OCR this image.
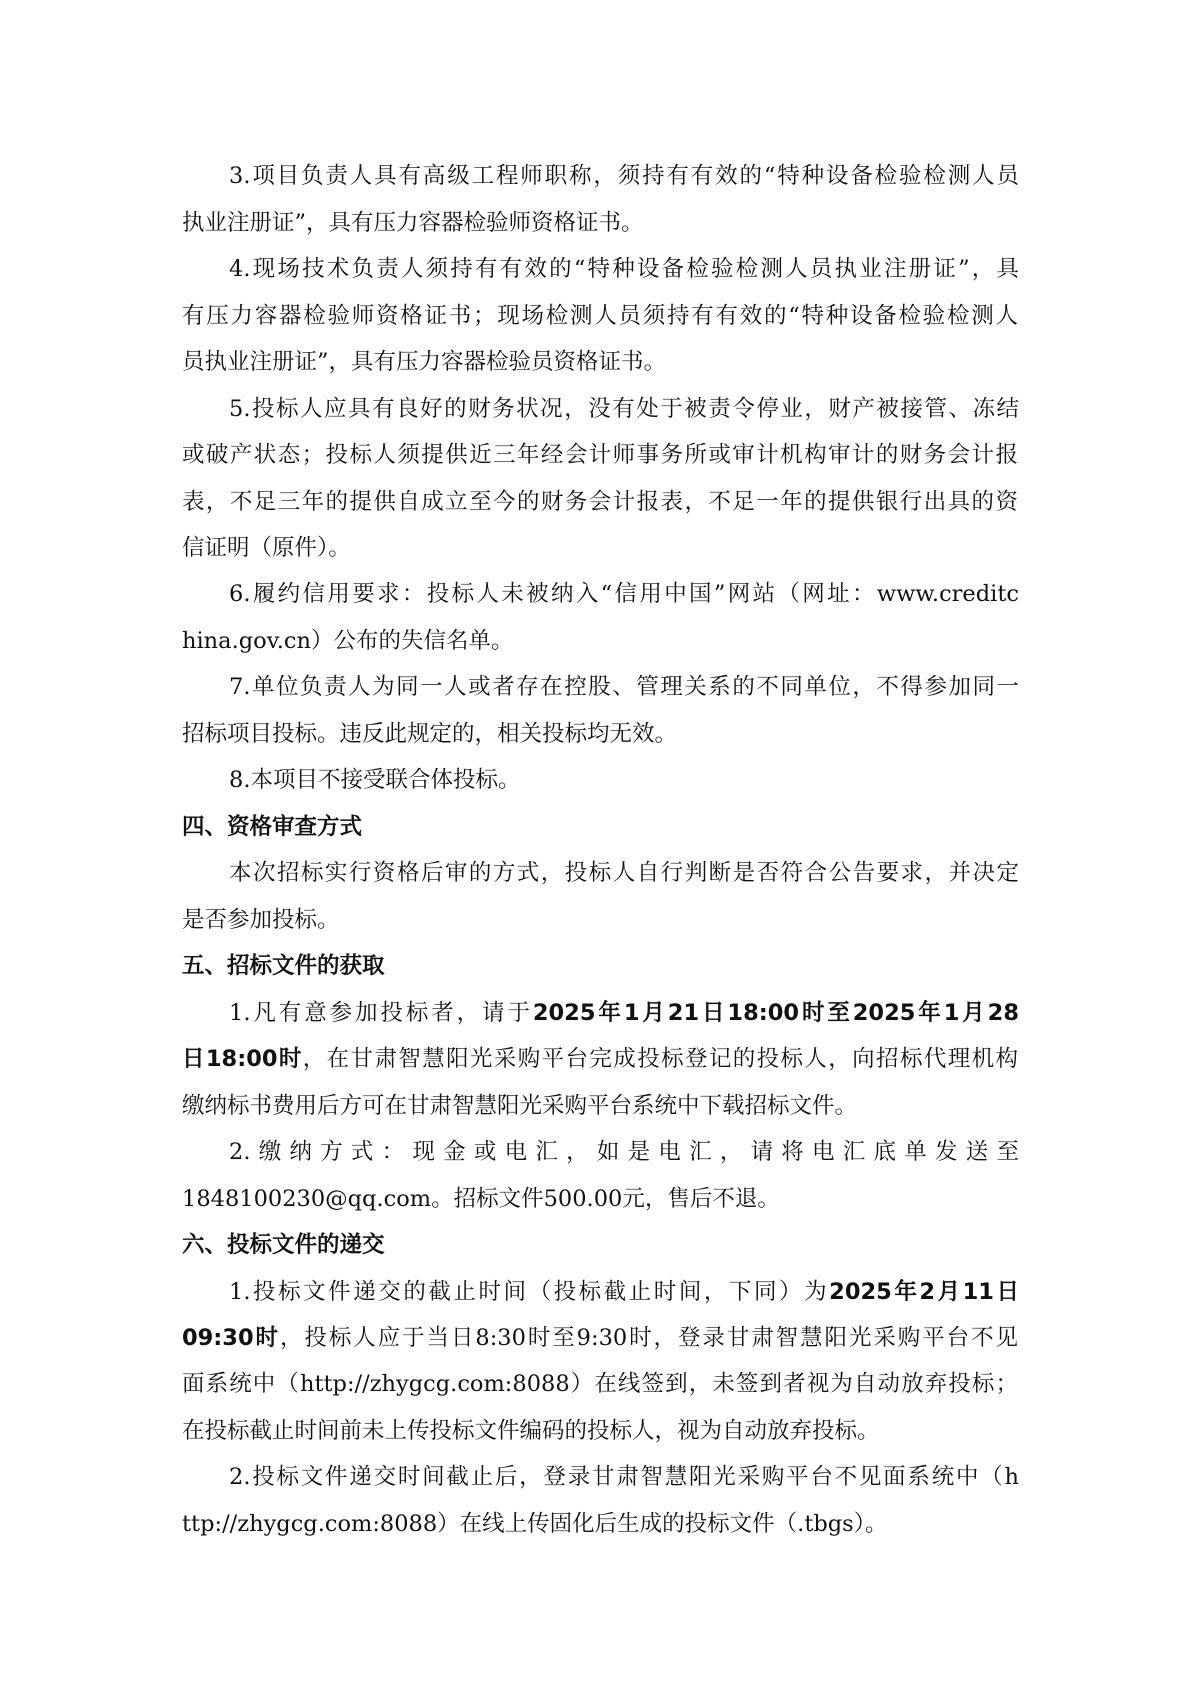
3.项目负责人具有高级工程师职称，须持有有效的“特种设备检验检测人员
执业注册证”，具有压力容器检验师资格证书。
4.现场技术负责人须持有有效的“特种设备检验检测人员执业注册证”，具
有压力容器检验师资格证书；现场检测人员须持有有效的“特种设备检验检测人
员执业注册证”，具有压力容器检验员资格证书。
5.投标人应具有良好的财务状况，没有处于被责令停业，财产被接管、冻结
或破产状态；投标人须提供近三年经会计师事务所或审计机构审计的财务会计报
表，不足三年的提供自成立至今的财务会计报表，不足一年的提供银行出具的资
信证明（原件）。
6.履约信用要求：投标人未被纳入“信用中国”网站（网址：www.creditc
hina.gov.cn）公布的失信名单。
7.单位负责人为同一人或者存在控股、管理关系的不同单位，不得参加同一
招标项目投标。违反此规定的，相关投标均无效。
8.本项目不接受联合体投标。
四、资格审查方式
本次招标实行资格后审的方式，投标人自行判断是否符合公告要求，并决定
是否参加投标。
五、招标文件的获取
1.凡有意参加投标者，请于2025年1月21日18:00时至2025年1月28
日18:00时，在甘肃智慧阳光采购平台完成投标登记的投标人，向招标代理机构
缴纳标书费用后方可在甘肃智慧阳光采购平台系统中下载招标文件。
2.缴纳方式：现金或电汇，如是电汇，请将电汇底单发送至
1848100230@qq.com。招标文件500.00元，售后不退。
六、投标文件的递交
1.投标文件递交的截止时间（投标截止时间，下同）为2025年2月11日
09:30时，投标人应于当日8:30时至9:30时，登录甘肃智慧阳光采购平台不见
面系统中（http://zhygcg.com:8088）在线签到，未签到者视为自动放弃投标；
在投标截止时间前未上传投标文件编码的投标人，视为自动放弃投标。
2.投标文件递交时间截止后，登录甘肃智慧阳光采购平台不见面系统中（h
ttp://zhygcg.com:8088）在线上传固化后生成的投标文件（.tbgs）。
